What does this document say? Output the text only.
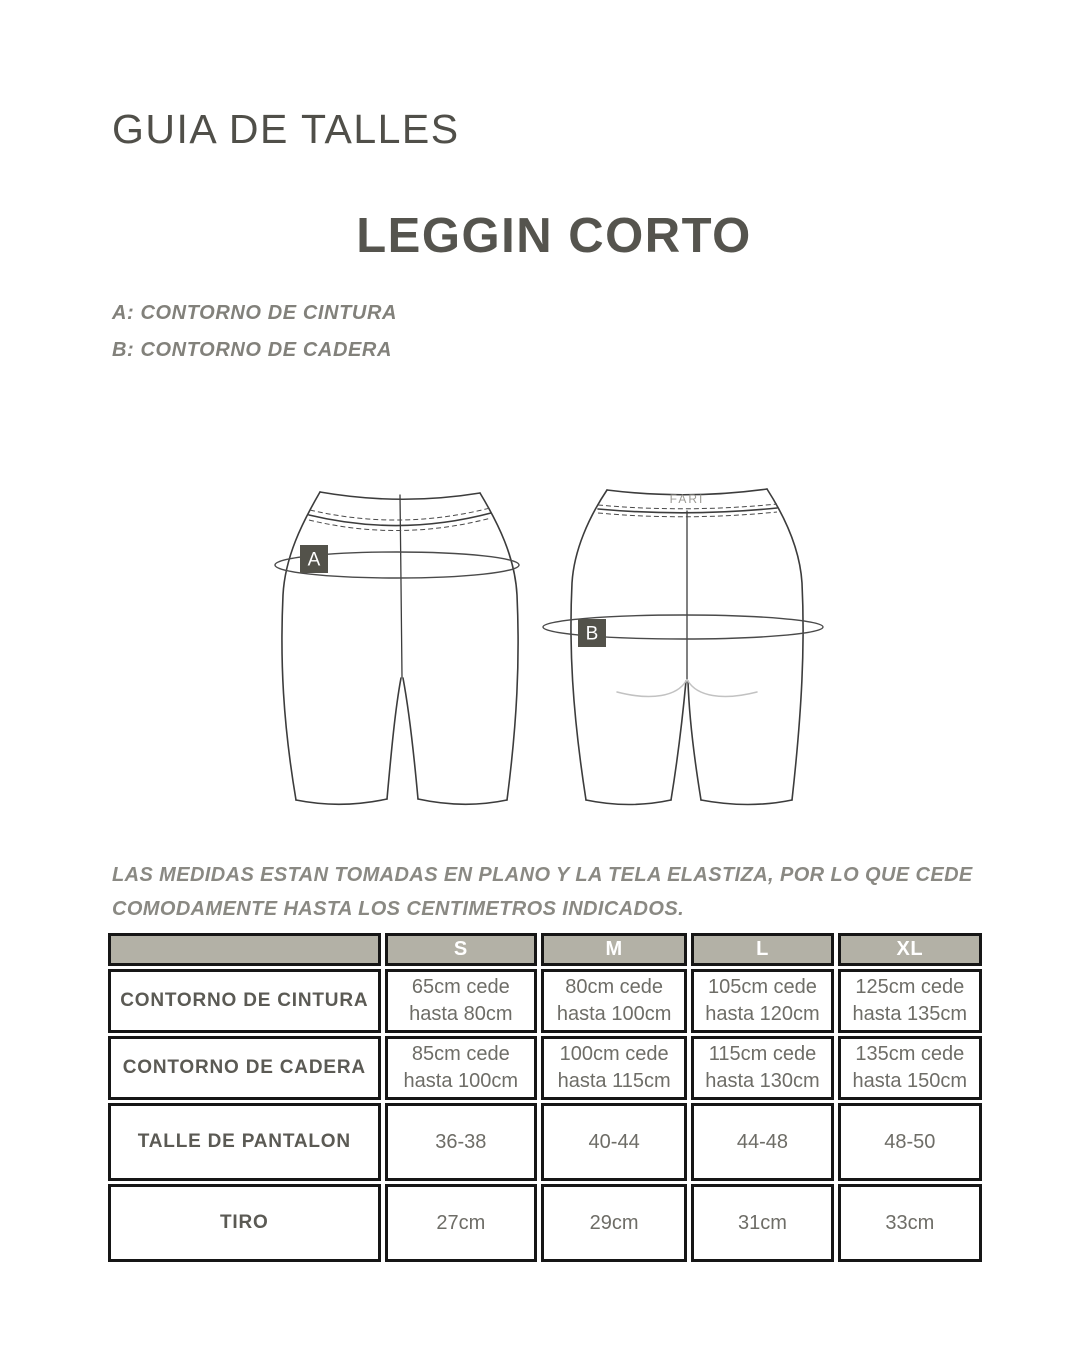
GUIA DE TALLES
LEGGIN CORTO

A: CONTORNO DE CINTURA

B: CONTORNO DE CADERA

A
FARI
B

LAS MEDIDAS ESTAN TOMADAS EN PLANO Y LA TELA ELASTIZA, POR LO QUE CEDE COMODAMENTE HASTA LOS CENTIMETROS INDICADOS.

	S	M	L	XL
CONTORNO DE CINTURA	65cm cede hasta 80cm	80cm cede hasta 100cm	105cm cede hasta 120cm	125cm cede hasta 135cm
CONTORNO DE CADERA	85cm cede hasta 100cm	100cm cede hasta 115cm	115cm cede hasta 130cm	135cm cede hasta 150cm
TALLE DE PANTALON	36-38	40-44	44-48	48-50
TIRO	27cm	29cm	31cm	33cm
